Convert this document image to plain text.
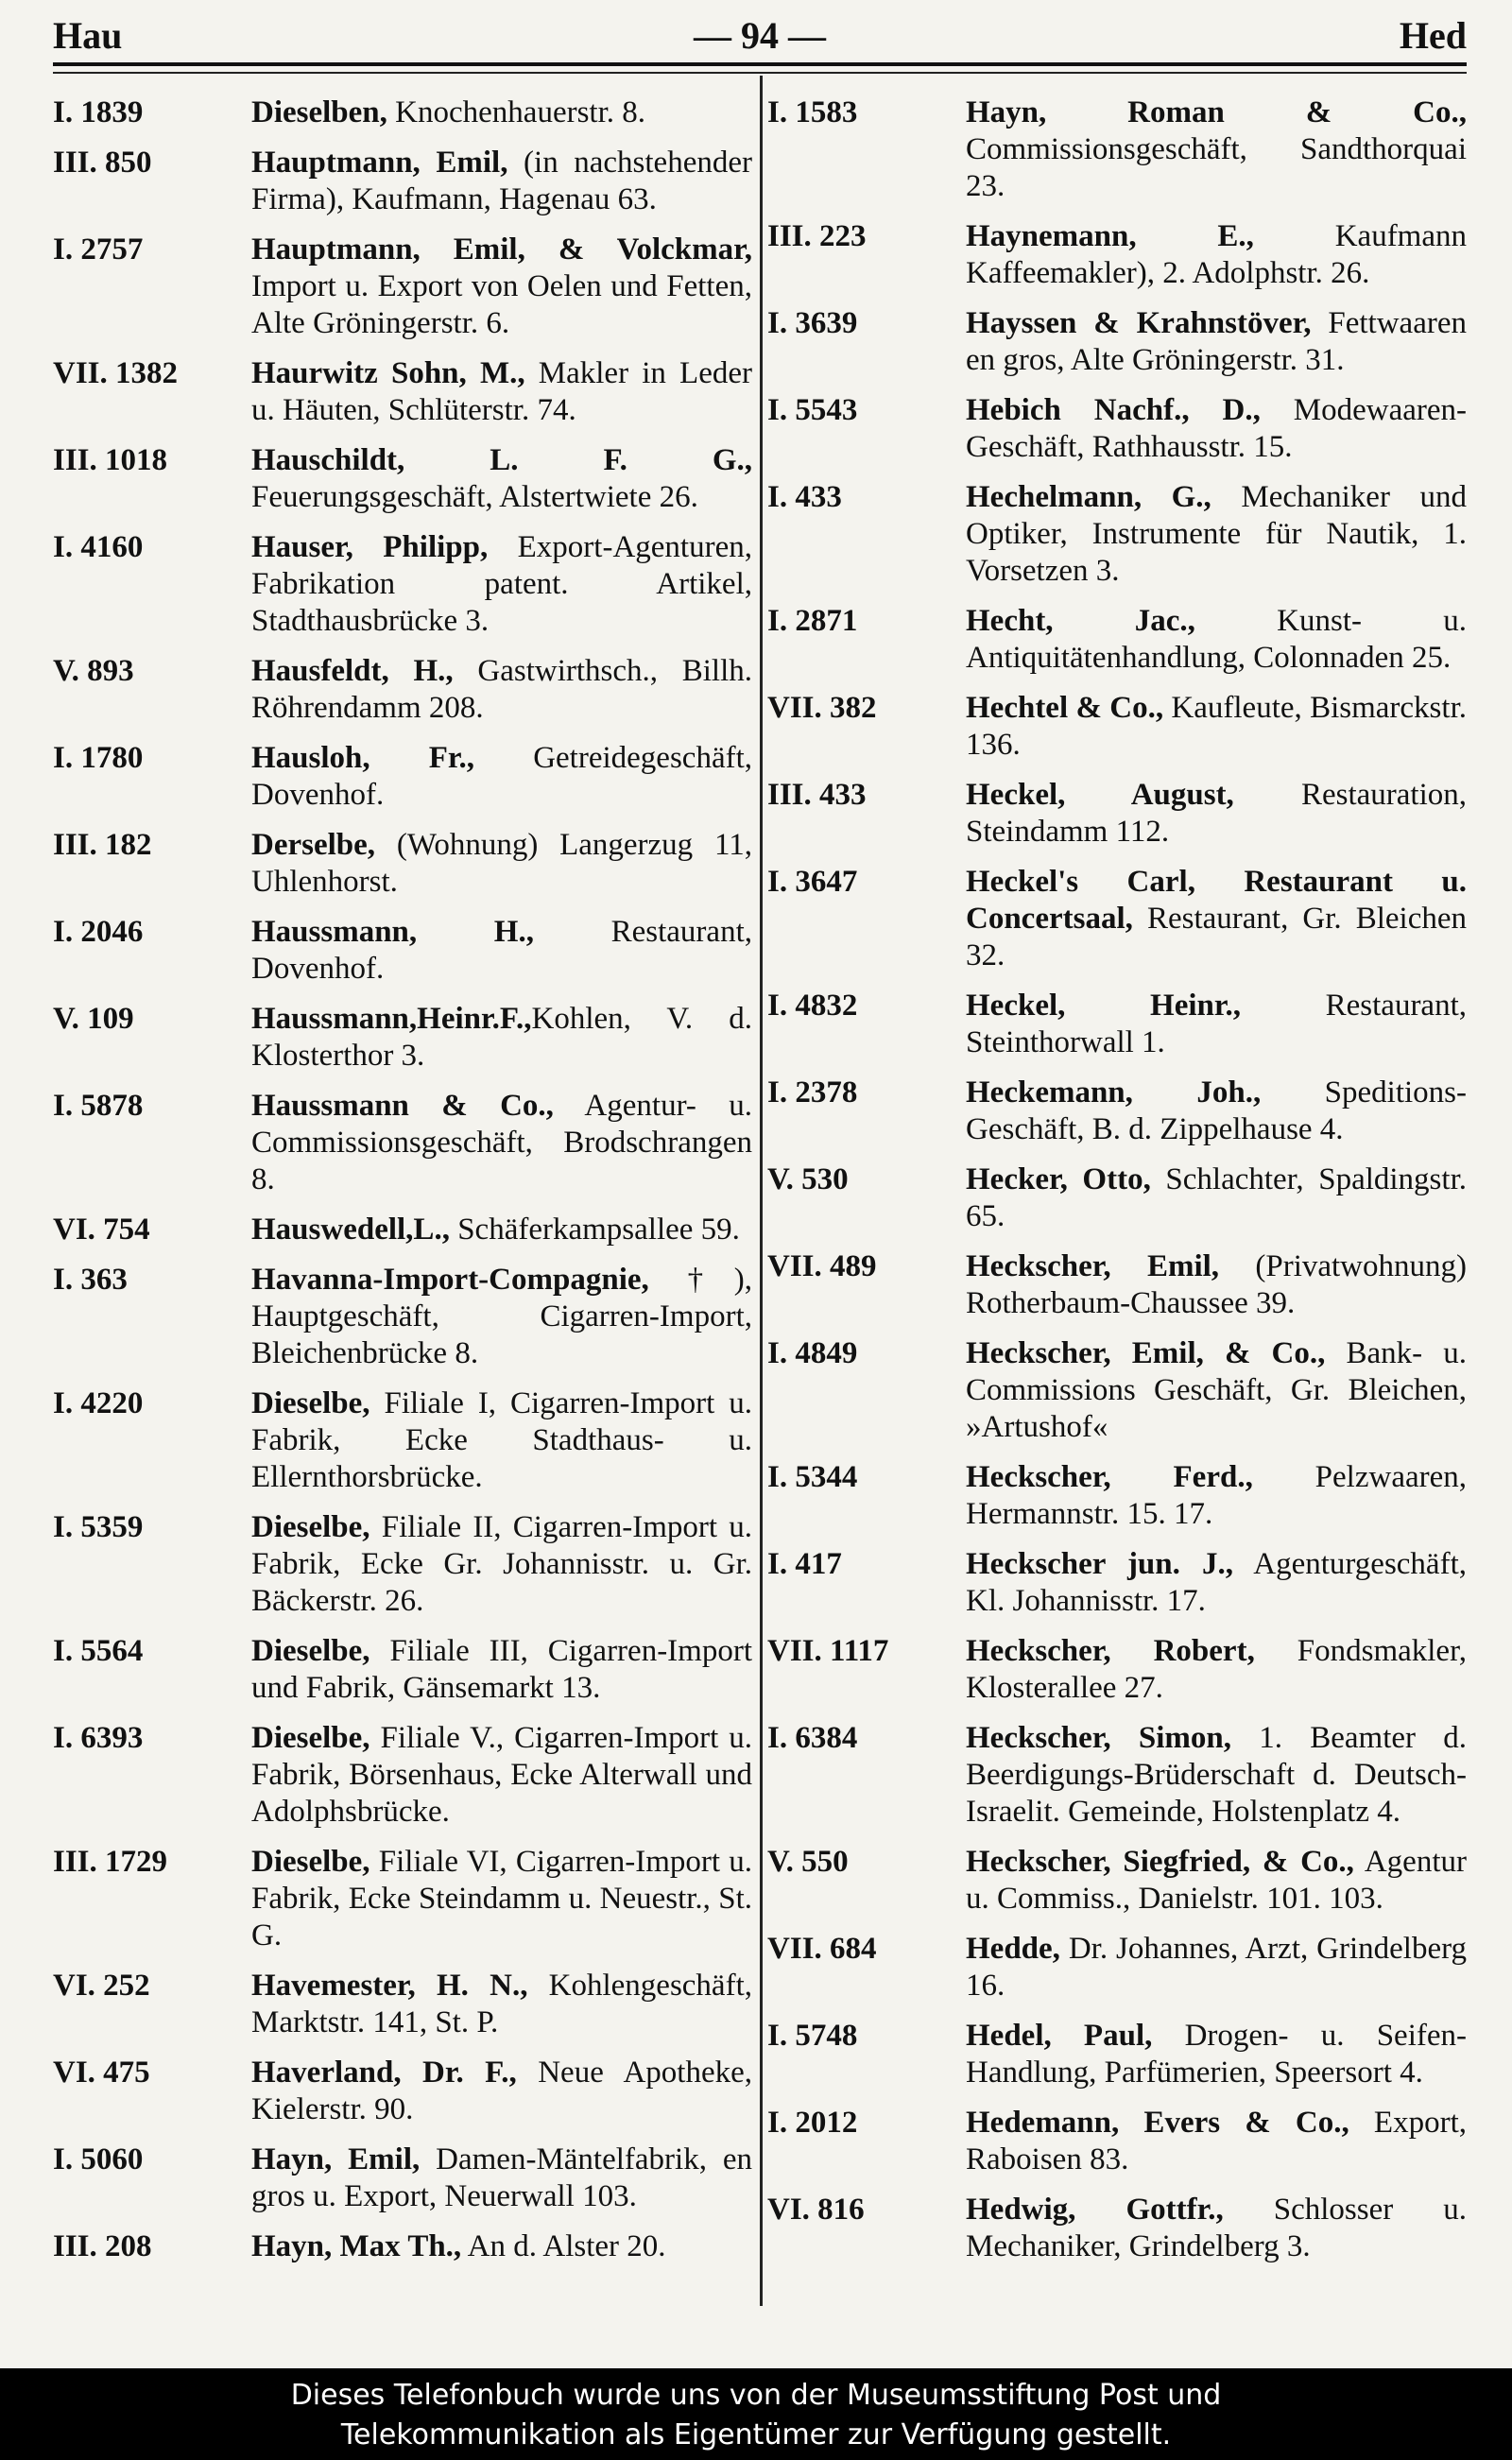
Hau	— 94 —	Hed
I. 1839	Dieselben, Knochenhauerstr. 8.
III. 850	Hauptmann, Emil, (in nachstehender Firma), Kaufmann, Hagenau 63.
I. 2757	Hauptmann, Emil, & Volckmar, Import u. Export von Oelen und Fetten, Alte Gröningerstr. 6.
VII. 1382	Haurwitz Sohn, M., Makler in Leder u. Häuten, Schlüterstr. 74.
III. 1018	Hauschildt, L. F. G., Feuerungsgeschäft, Alstertwiete 26.
I. 4160	Hauser, Philipp, Export-Agenturen, Fabrikation patent. Artikel, Stadthausbrücke 3.
V. 893	Hausfeldt, H., Gastwirthsch., Billh. Röhrendamm 208.
I. 1780	Hausloh, Fr., Getreidegeschäft, Dovenhof.
III. 182	Derselbe, (Wohnung) Langerzug 11, Uhlenhorst.
I. 2046	Haussmann, H., Restaurant, Dovenhof.
V. 109	Haussmann,Heinr.F.,Kohlen, V. d. Klosterthor 3.
I. 5878	Haussmann & Co., Agentur- u. Commissionsgeschäft, Brodschrangen 8.
VI. 754	Hauswedell,L., Schäferkampsallee 59.
I. 363	Havanna-Import-Compagnie, †), Hauptgeschäft, Cigarren-Import, Bleichenbrücke 8.
I. 4220	Dieselbe, Filiale I, Cigarren-Import u. Fabrik, Ecke Stadthaus- u. Ellernthorsbrücke.
I. 5359	Dieselbe, Filiale II, Cigarren-Import u. Fabrik, Ecke Gr. Johannisstr. u. Gr. Bäckerstr. 26.
I. 5564	Dieselbe, Filiale III, Cigarren-Import und Fabrik, Gänsemarkt 13.
I. 6393	Dieselbe, Filiale V., Cigarren-Import u. Fabrik, Börsenhaus, Ecke Alterwall und Adolphsbrücke.
III. 1729	Dieselbe, Filiale VI, Cigarren-Import u. Fabrik, Ecke Steindamm u. Neuestr., St. G.
VI. 252	Havemester, H. N., Kohlengeschäft, Marktstr. 141, St. P.
VI. 475	Haverland, Dr. F., Neue Apotheke, Kielerstr. 90.
I. 5060	Hayn, Emil, Damen-Mäntelfabrik, en gros u. Export, Neuerwall 103.
III. 208	Hayn, Max Th., An d. Alster 20.
I. 1583	Hayn, Roman & Co., Commissionsgeschäft, Sandthorquai 23.
III. 223	Haynemann, E., Kaufmann Kaffeemakler), 2. Adolphstr. 26.
I. 3639	Hayssen & Krahnstöver, Fettwaaren en gros, Alte Gröningerstr. 31.
I. 5543	Hebich Nachf., D., Modewaaren-Geschäft, Rathhausstr. 15.
I. 433	Hechelmann, G., Mechaniker und Optiker, Instrumente für Nautik, 1. Vorsetzen 3.
I. 2871	Hecht, Jac., Kunst- u. Antiquitätenhandlung, Colonnaden 25.
VII. 382	Hechtel & Co., Kaufleute, Bismarckstr. 136.
III. 433	Heckel, August, Restauration, Steindamm 112.
I. 3647	Heckel's Carl, Restaurant u. Concertsaal, Restaurant, Gr. Bleichen 32.
I. 4832	Heckel, Heinr., Restaurant, Steinthorwall 1.
I. 2378	Heckemann, Joh., Speditions-Geschäft, B. d. Zippelhause 4.
V. 530	Hecker, Otto, Schlachter, Spaldingstr. 65.
VII. 489	Heckscher, Emil, (Privatwohnung) Rotherbaum-Chaussee 39.
I. 4849	Heckscher, Emil, & Co., Bank- u. Commissions Geschäft, Gr. Bleichen, »Artushof«
I. 5344	Heckscher, Ferd., Pelzwaaren, Hermannstr. 15. 17.
I. 417	Heckscher jun. J., Agenturgeschäft, Kl. Johannisstr. 17.
VII. 1117	Heckscher, Robert, Fondsmakler, Klosterallee 27.
I. 6384	Heckscher, Simon, 1. Beamter d. Beerdigungs-Brüderschaft d. Deutsch-Israelit. Gemeinde, Holstenplatz 4.
V. 550	Heckscher, Siegfried, & Co., Agentur u. Commiss., Danielstr. 101. 103.
VII. 684	Hedde, Dr. Johannes, Arzt, Grindelberg 16.
I. 5748	Hedel, Paul, Drogen- u. Seifen-Handlung, Parfümerien, Speersort 4.
I. 2012	Hedemann, Evers & Co., Export, Raboisen 83.
VI. 816	Hedwig, Gottfr., Schlosser u. Mechaniker, Grindelberg 3.
Dieses Telefonbuch wurde uns von der Museumsstiftung Post und
Telekommunikation als Eigentümer zur Verfügung gestellt.
